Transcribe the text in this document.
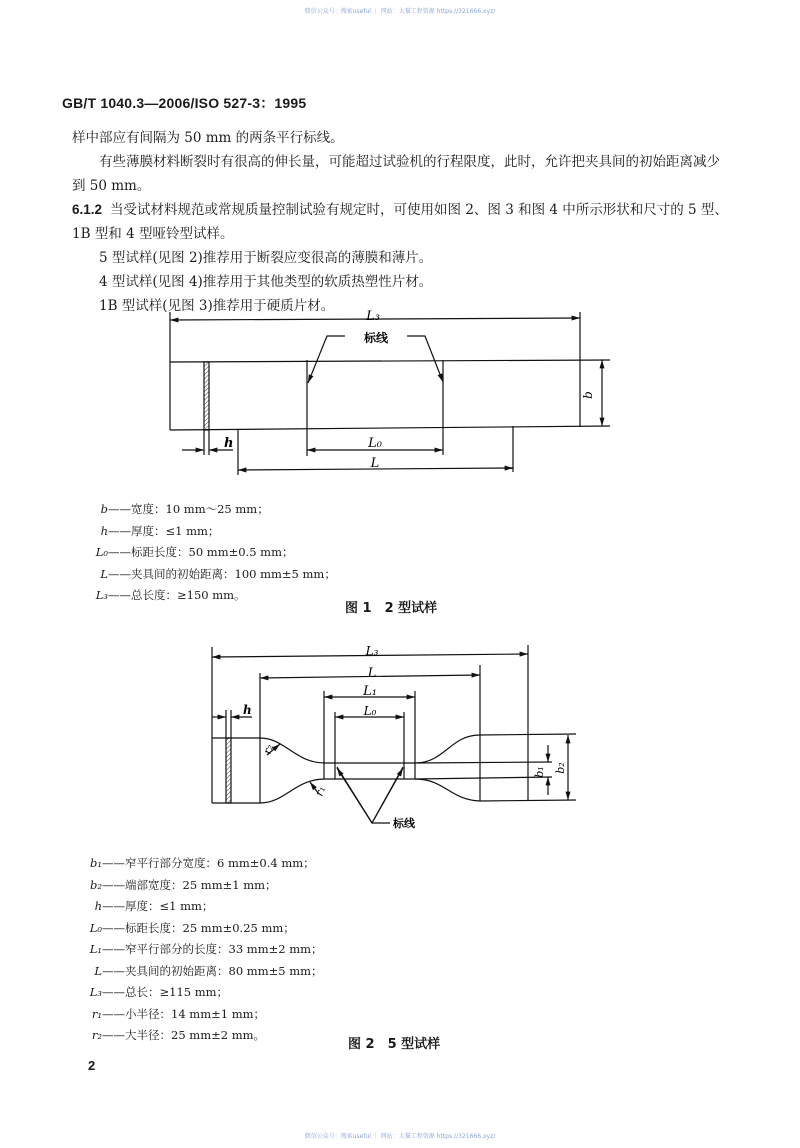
微信公众号：搜索useful ｜ 网站：大猫工程资源 https://321666.xyz/
GB/T 1040.3—2006/ISO 527-3：1995
样中部应有间隔为 50 mm 的两条平行标线。
有些薄膜材料断裂时有很高的伸长量，可能超过试验机的行程限度，此时，允许把夹具间的初始距离减少到 50 mm。
6.1.2 当受试材料规范或常规质量控制试验有规定时，可使用如图 2、图 3 和图 4 中所示形状和尺寸的 5 型、1B 型和 4 型哑铃型试样。
5 型试样(见图 2)推荐用于断裂应变很高的薄膜和薄片。
4 型试样(见图 4)推荐用于其他类型的软质热塑性片材。
1B 型试样(见图 3)推荐用于硬质片材。
L₃
标线
h	L₀
L
b
b——宽度：10 mm～25 mm；
h——厚度：≤1 mm；
L₀——标距长度：50 mm±0.5 mm；
L——夹具间的初始距离：100 mm±5 mm；
L₃——总长度：≥150 mm。
图 1　2 型试样
L₃
L
L₁
L₀
h
r₂
r₁
b₁ b₂
标线
b₁——窄平行部分宽度：6 mm±0.4 mm；
b₂——端部宽度：25 mm±1 mm；
h——厚度：≤1 mm；
L₀——标距长度：25 mm±0.25 mm；
L₁——窄平行部分的长度：33 mm±2 mm；
L——夹具间的初始距离：80 mm±5 mm；
L₃——总长：≥115 mm；
r₁——小半径：14 mm±1 mm；
r₂——大半径：25 mm±2 mm。
图 2　5 型试样
2
微信公众号：搜索useful ｜ 网站：大猫工程资源 https://321666.xyz/
